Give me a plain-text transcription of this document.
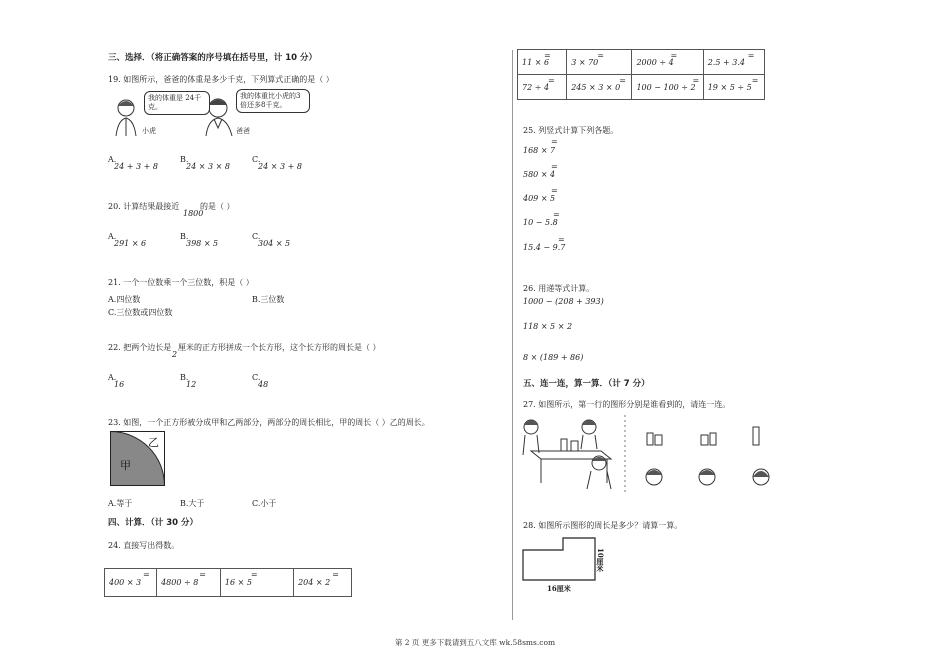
三、选择．（将正确答案的序号填在括号里，计 10 分）
19. 如图所示，爸爸的体重是多少千克，下列算式正确的是（ ）
我的体重是 24千克。
我的体重比小虎的3倍还多8千克。
小虎	爸爸
A.
24 + 3 + 8
B.
24 × 3 × 8
C.
24 × 3 + 8
20. 计算结果最接近
1800
的是（ ）
A.
291 × 6
B.
398 × 5
C.
304 × 5
21. 一个一位数乘一个三位数，积是（ ）
A.四位数	B.三位数
C.三位数或四位数
22. 把两个边长是
2
厘米的正方形拼成一个长方形，这个长方形的周长是（ ）
A.
16
B.
12
C.
48
23. 如图，一个正方形被分成甲和乙两部分，两部分的周长相比，甲的周长（ ）乙的周长。
甲
乙
A.等于	B.大于	C.小于
四、计算．（计 30 分）
24. 直接写出得数。
400 × 3
=
	4800 ÷ 8
=
	16 × 5
=
	204 × 2
=
11 × 6
=	3 × 70
=	2000 ÷ 4
=	2.5 + 3.4
=

72 ÷ 4
=	245 × 3 × 0
=	100 − 100 ÷ 2
=	19 × 5 ÷ 5
=
25. 列竖式计算下列各题。
168 × 7
=
580 × 4
=
409 × 5
=
10 − 5.8
=
15.4 − 9.7
=
26. 用递等式计算。
1000 − (208 + 393)
118 × 5 × 2
8 × (189 + 86)
五、连一连，算一算．（计 7 分）
27. 如图所示，第一行的图形分别是谁看到的，请连一连。
28. 如图所示图形的周长是多少？请算一算。
10厘米
16厘米
第 2 页 更多下载请到五八文库 wk.58sms.com
